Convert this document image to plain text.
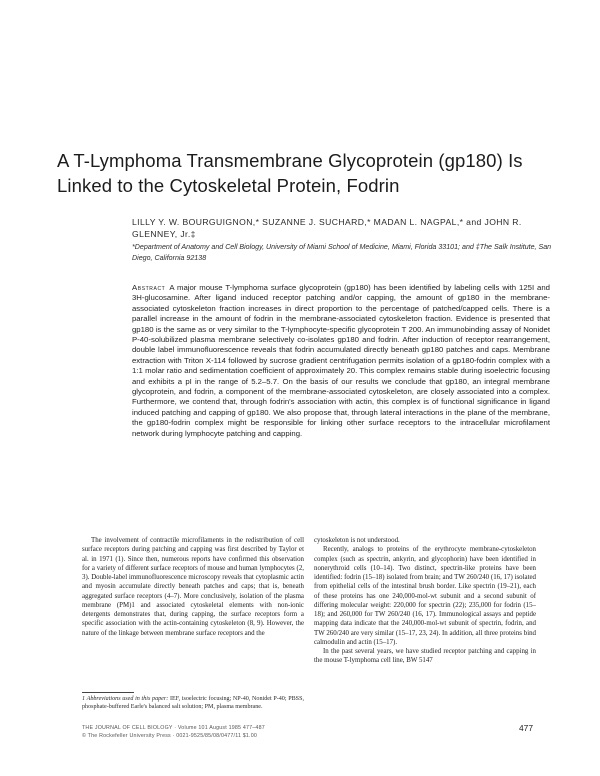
A T-Lymphoma Transmembrane Glycoprotein (gp180) Is Linked to the Cytoskeletal Protein, Fodrin
LILLY Y. W. BOURGUIGNON,* SUZANNE J. SUCHARD,* MADAN L. NAGPAL,* and JOHN R. GLENNEY, Jr.‡
*Department of Anatomy and Cell Biology, University of Miami School of Medicine, Miami, Florida 33101; and ‡The Salk Institute, San Diego, California 92138
Abstract A major mouse T-lymphoma surface glycoprotein (gp180) has been identified by labeling cells with 125I and 3H-glucosamine. After ligand induced receptor patching and/or capping, the amount of gp180 in the membrane-associated cytoskeleton fraction increases in direct proportion to the percentage of patched/capped cells. There is a parallel increase in the amount of fodrin in the membrane-associated cytoskeleton fraction. Evidence is presented that gp180 is the same as or very similar to the T-lymphocyte-specific glycoprotein T 200. An immunobinding assay of Nonidet P-40-solubilized plasma membrane selectively co-isolates gp180 and fodrin. After induction of receptor rearrangement, double label immunofluorescence reveals that fodrin accumulated directly beneath gp180 patches and caps. Membrane extraction with Triton X-114 followed by sucrose gradient centrifugation permits isolation of a gp180-fodrin complex with a 1:1 molar ratio and sedimentation coefficient of approximately 20. This complex remains stable during isoelectric focusing and exhibits a pI in the range of 5.2–5.7. On the basis of our results we conclude that gp180, an integral membrane glycoprotein, and fodrin, a component of the membrane-associated cytoskeleton, are closely associated into a complex. Furthermore, we contend that, through fodrin's association with actin, this complex is of functional significance in ligand induced patching and capping of gp180. We also propose that, through lateral interactions in the plane of the membrane, the gp180-fodrin complex might be responsible for linking other surface receptors to the intracellular microfilament network during lymphocyte patching and capping.

The involvement of contractile microfilaments in the redistribution of cell surface receptors during patching and capping was first described by Taylor et al. in 1971 (1). Since then, numerous reports have confirmed this observation for a variety of different surface receptors of mouse and human lymphocytes (2, 3). Double-label immunofluorescence microscopy reveals that cytoplasmic actin and myosin accumulate directly beneath patches and caps; that is, beneath aggregated surface receptors (4–7). More conclusively, isolation of the plasma membrane (PM)1 and associated cytoskeletal elements with non-ionic detergents demonstrates that, during capping, the surface receptors form a specific association with the actin-containing cytoskeleton (8, 9). However, the nature of the linkage between membrane surface receptors and the

cytoskeleton is not understood.

Recently, analogs to proteins of the erythrocyte membrane-cytoskeleton complex (such as spectrin, ankyrin, and glycophorin) have been identified in nonerythroid cells (10–14). Two distinct, spectrin-like proteins have been identified: fodrin (15–18) isolated from brain; and TW 260/240 (16, 17) isolated from epithelial cells of the intestinal brush border. Like spectrin (19–21), each of these proteins has one 240,000-mol-wt subunit and a second subunit of differing molecular weight: 220,000 for spectrin (22); 235,000 for fodrin (15–18); and 260,000 for TW 260/240 (16, 17). Immunological assays and peptide mapping data indicate that the 240,000-mol-wt subunit of spectrin, fodrin, and TW 260/240 are very similar (15–17, 23, 24). In addition, all three proteins bind calmodulin and actin (15–17).

In the past several years, we have studied receptor patching and capping in the mouse T-lymphoma cell line, BW 5147

1 Abbreviations used in this paper: IEF, isoelectric focusing; NP-40, Nonidet P-40; PBSS, phosphate-buffered Earle's balanced salt solution; PM, plasma membrane.
THE JOURNAL OF CELL BIOLOGY · Volume 101 August 1985 477–487
© The Rockefeller University Press · 0021-9525/85/08/0477/11 $1.00
477
